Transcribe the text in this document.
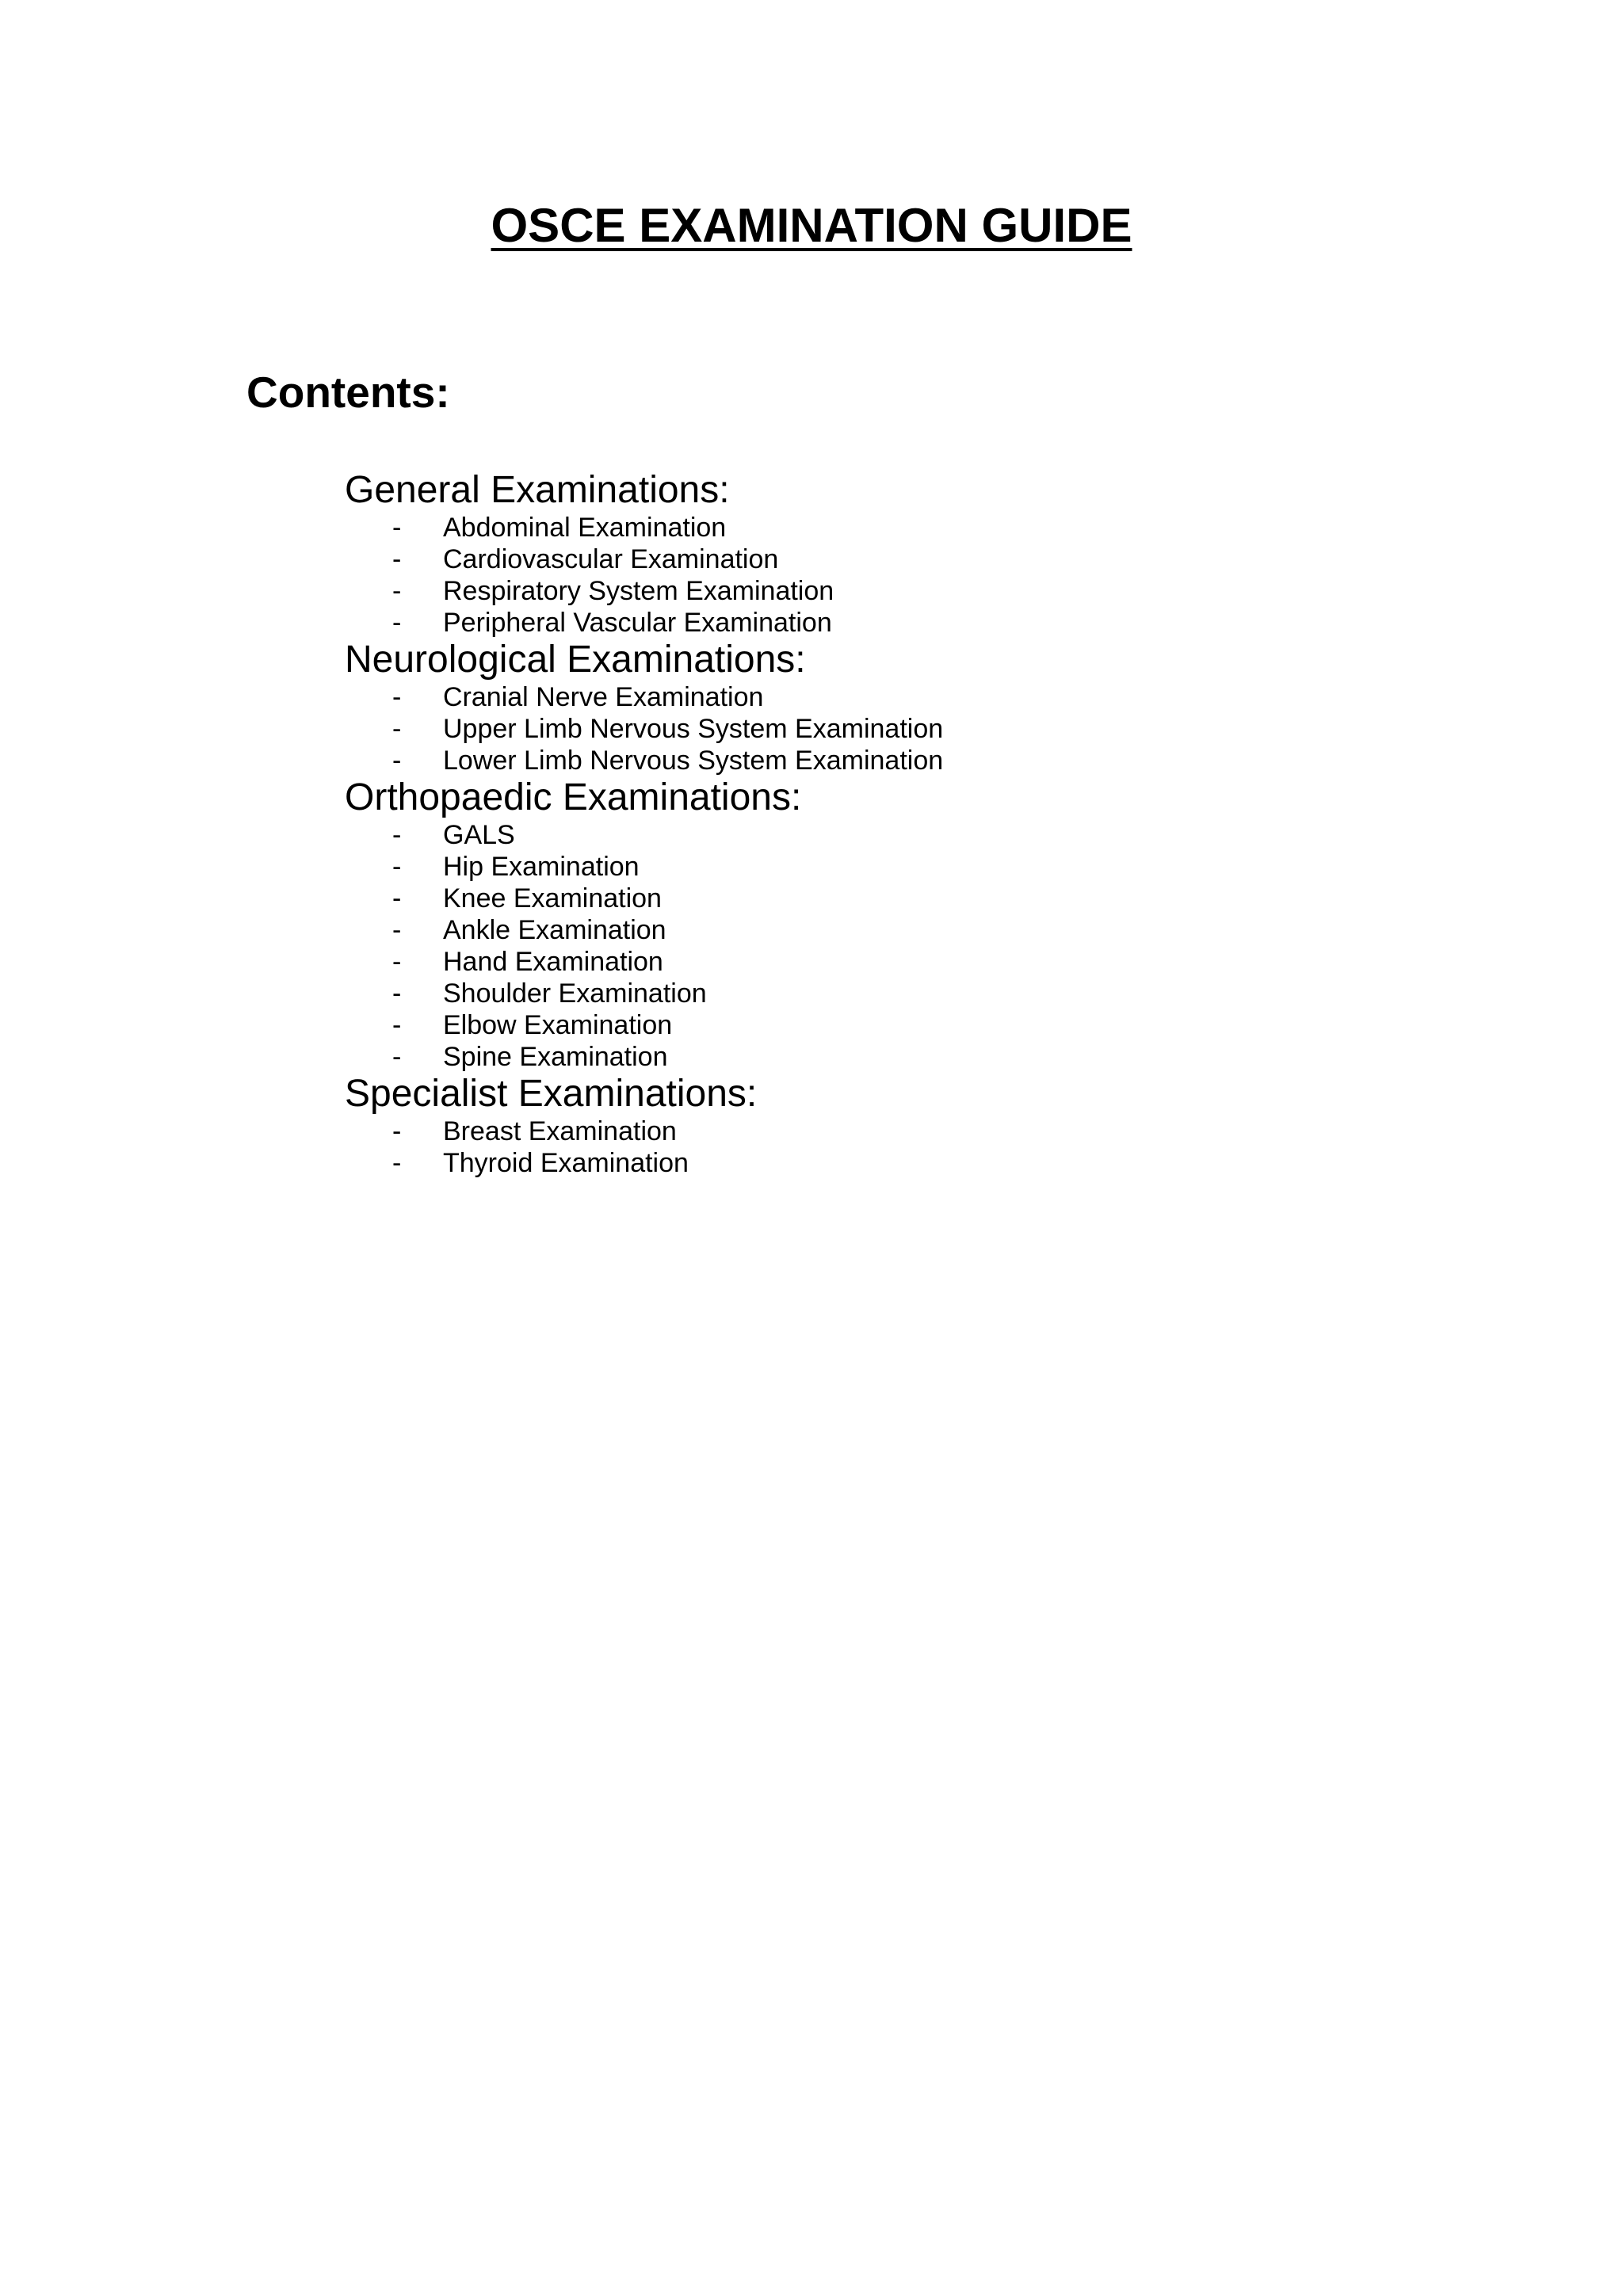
OSCE EXAMINATION GUIDE
Contents:
General Examinations:
- Abdominal Examination
- Cardiovascular Examination
- Respiratory System Examination
- Peripheral Vascular Examination
Neurological Examinations:
- Cranial Nerve Examination
- Upper Limb Nervous System Examination
- Lower Limb Nervous System Examination
Orthopaedic Examinations:
- GALS
- Hip Examination
- Knee Examination
- Ankle Examination
- Hand Examination
- Shoulder Examination
- Elbow Examination
- Spine Examination
Specialist Examinations:
- Breast Examination
- Thyroid Examination
